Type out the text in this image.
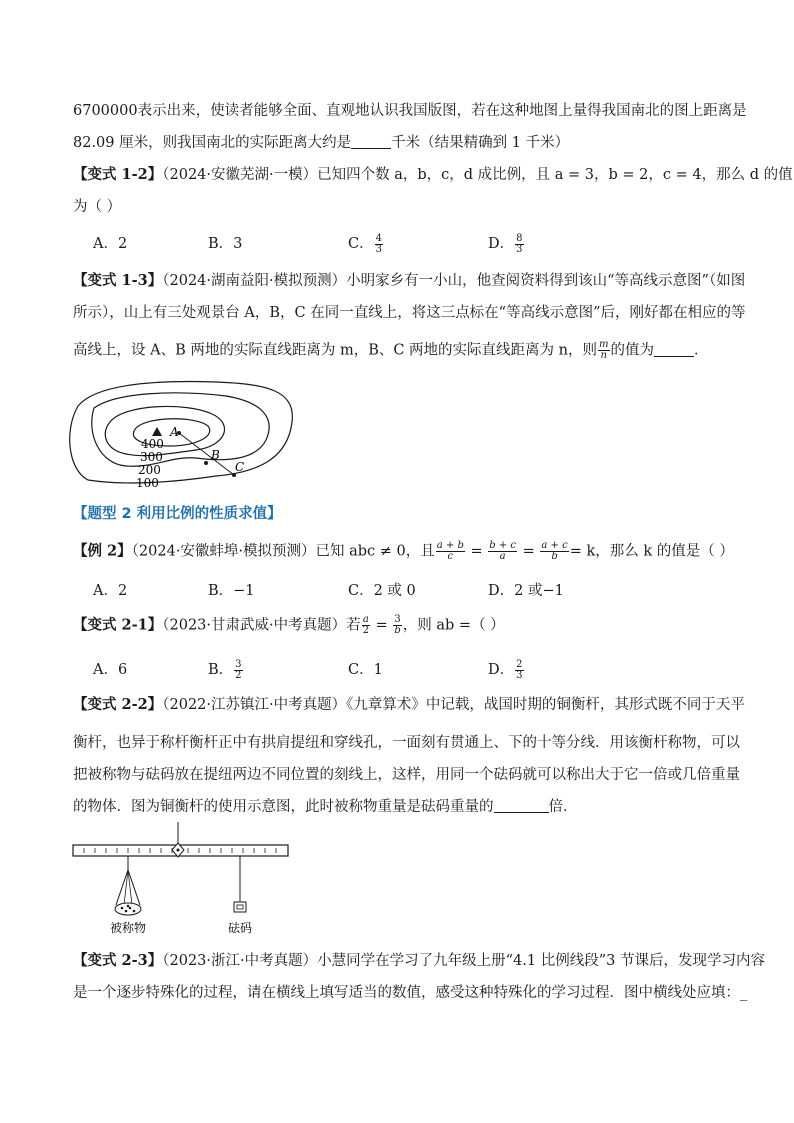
6700000表示出来，使读者能够全面、直观地认识我国版图，若在这种地图上量得我国南北的图上距离是
82.09 厘米，则我国南北的实际距离大约是	千米（结果精确到 1 千米）
【变式 1-2】（2024·安徽芜湖·一模）已知四个数 a，b，c，d 成比例，且 a = 3，b = 2，c = 4，那么 d 的值
为（ ）
A．2	B．3	C． $\frac{4}{3}$	D． $\frac{8}{3}$
【变式 1-3】（2024·湖南益阳·模拟预测）小明家乡有一小山，他查阅资料得到该山“等高线示意图”（如图
所示），山上有三处观景台 A，B，C 在同一直线上，将这三点标在“等高线示意图”后，刚好都在相应的等
高线上，设 A、B 两地的实际直线距离为 m，B、C 两地的实际直线距离为 n，则 $\frac{m}{n}$ 的值为	．
A
B
C
400
300
200
100
【题型 2 利用比例的性质求值】
【例 2】（2024·安徽蚌埠·模拟预测）已知 abc ≠ 0，且 $\frac{a + b}{c} = \frac{b + c}{a} = \frac{a + c}{b} = k$，那么 k 的值是（ ）
A．2	B．−1	C．2 或 0	D．2 或−1
【变式 2-1】（2023·甘肃武威·中考真题）若 $\frac{a}{2} = \frac{3}{b}$ ，则 ab =（ ）
A．6	B． $\frac{3}{2}$	C．1	D． $\frac{2}{3}$
【变式 2-2】（2022·江苏镇江·中考真题）《九章算术》中记载，战国时期的铜衡杆，其形式既不同于天平
衡杆，也异于称杆衡杆正中有拱肩提纽和穿线孔，一面刻有贯通上、下的十等分线．用该衡杆称物，可以
把被称物与砝码放在提纽两边不同位置的刻线上，这样，用同一个砝码就可以称出大于它一倍或几倍重量
的物体．图为铜衡杆的使用示意图，此时被称物重量是砝码重量的	倍．
被称物	砝码
【变式 2-3】（2023·浙江·中考真题）小慧同学在学习了九年级上册“4.1 比例线段”3 节课后，发现学习内容
是一个逐步特殊化的过程，请在横线上填写适当的数值，感受这种特殊化的学习过程．图中横线处应填：_
